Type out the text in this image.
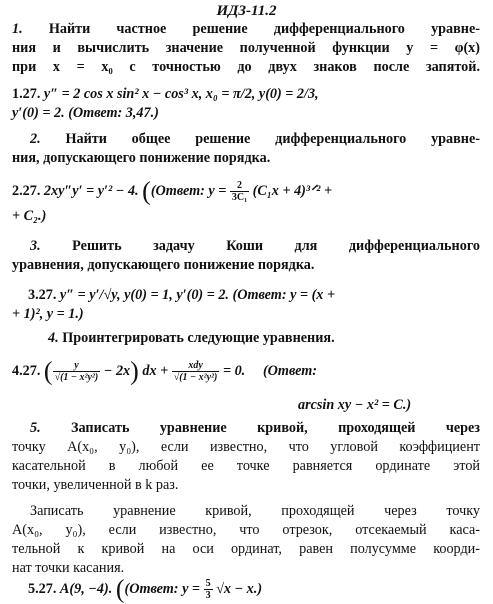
ИДЗ-11.2
1. Найти частное решение дифференциального уравне-
ния и вычислить значение полученной функции y = φ(x)
при x = x₀ с точностью до двух знаков после запятой.
1.27. y″ = 2 cos x sin² x − cos³ x, x₀ = π/2, y(0) = 2/3,
y′(0) = 2. (Ответ: 3,47.)
2. Найти общее решение дифференциального уравне-
ния, допускающего понижение порядка.
2.27. 2xy″y′ = y′² − 4. ((Ответ: $y = \frac{2}{\text{3C₁}} (C_1x$ + 4)³ᐟ² +
+ C₂.)
3. Решить задачу Коши для дифференциального
уравнения, допускающего понижение порядка.
3.27. y″ = y′/√y, y(0) = 1, y′(0) = 2. (Ответ: y = (x +
+ 1)², y = 1.)
4. Проинтегрировать следующие уравнения.
4.27. ( $\frac{y}{\text{√(1 − x²y²)}} - 2x$) dx + $\frac{\text{xdy}}{\text{√(1 − x²y²)}} = 0$. (Ответ:
arcsin xy − x² = C.)
5. Записать уравнение кривой, проходящей через
точку A(x₀, y₀), если известно, что угловой коэффициент
касательной в любой ее точке равняется ординате этой
точки, увеличенной в k раз.
Записать уравнение кривой, проходящей через точку
A(x₀, y₀), если известно, что отрезок, отсекаемый каса-
тельной к кривой на оси ординат, равен полусумме коорди-
нат точки касания.
5.27. A(9, −4). ((Ответ: $y = \frac{5}{3} √x - x$.)
